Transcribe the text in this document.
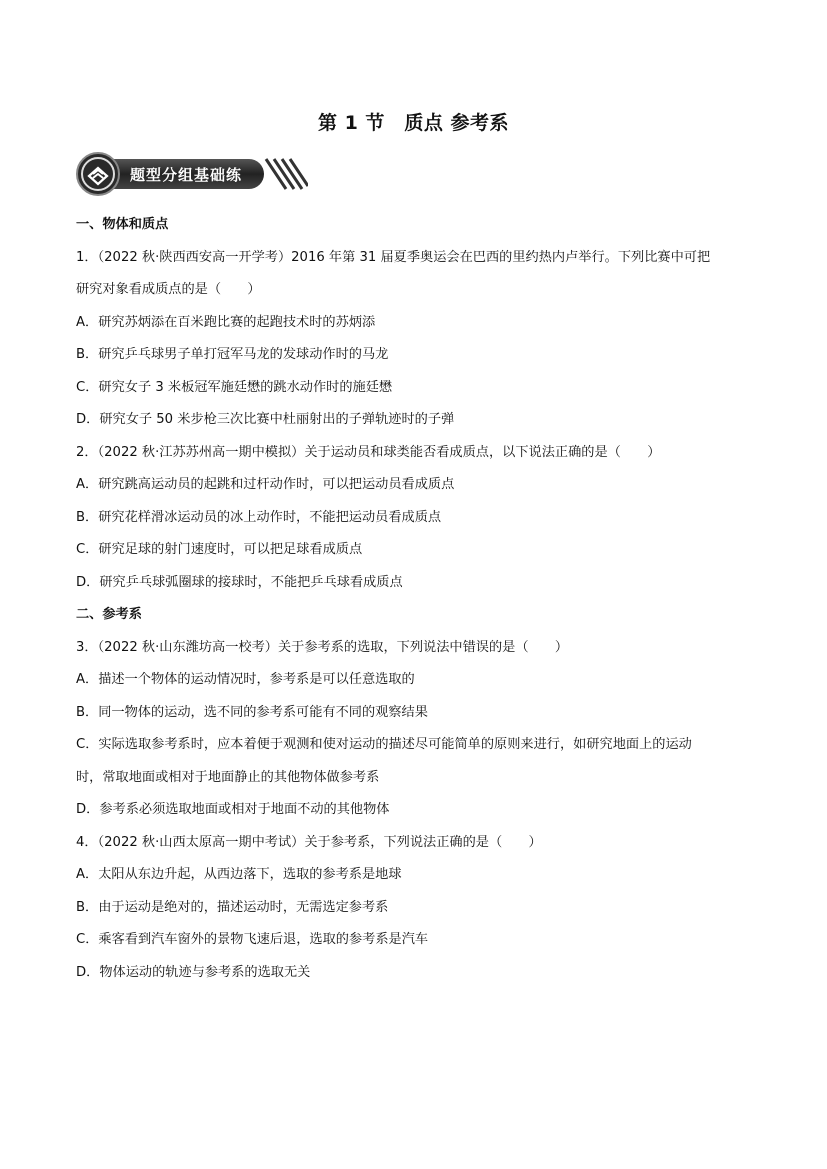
第 1 节　质点 参考系
题型分组基础练
一、物体和质点
1．（2022 秋·陕西西安高一开学考）2016 年第 31 届夏季奥运会在巴西的里约热内卢举行。下列比赛中可把
研究对象看成质点的是（　　）
A．研究苏炳添在百米跑比赛的起跑技术时的苏炳添
B．研究乒乓球男子单打冠军马龙的发球动作时的马龙
C．研究女子 3 米板冠军施廷懋的跳水动作时的施廷懋
D．研究女子 50 米步枪三次比赛中杜丽射出的子弹轨迹时的子弹
2．（2022 秋·江苏苏州高一期中模拟）关于运动员和球类能否看成质点，以下说法正确的是（　　）
A．研究跳高运动员的起跳和过杆动作时，可以把运动员看成质点
B．研究花样滑冰运动员的冰上动作时，不能把运动员看成质点
C．研究足球的射门速度时，可以把足球看成质点
D．研究乒乓球弧圈球的接球时，不能把乒乓球看成质点
二、参考系
3．（2022 秋·山东潍坊高一校考）关于参考系的选取，下列说法中错误的是（　　）
A．描述一个物体的运动情况时，参考系是可以任意选取的
B．同一物体的运动，选不同的参考系可能有不同的观察结果
C．实际选取参考系时，应本着便于观测和使对运动的描述尽可能简单的原则来进行，如研究地面上的运动
时，常取地面或相对于地面静止的其他物体做参考系
D．参考系必须选取地面或相对于地面不动的其他物体
4．（2022 秋·山西太原高一期中考试）关于参考系，下列说法正确的是（　　）
A．太阳从东边升起，从西边落下，选取的参考系是地球
B．由于运动是绝对的，描述运动时，无需选定参考系
C．乘客看到汽车窗外的景物飞速后退，选取的参考系是汽车
D．物体运动的轨迹与参考系的选取无关
